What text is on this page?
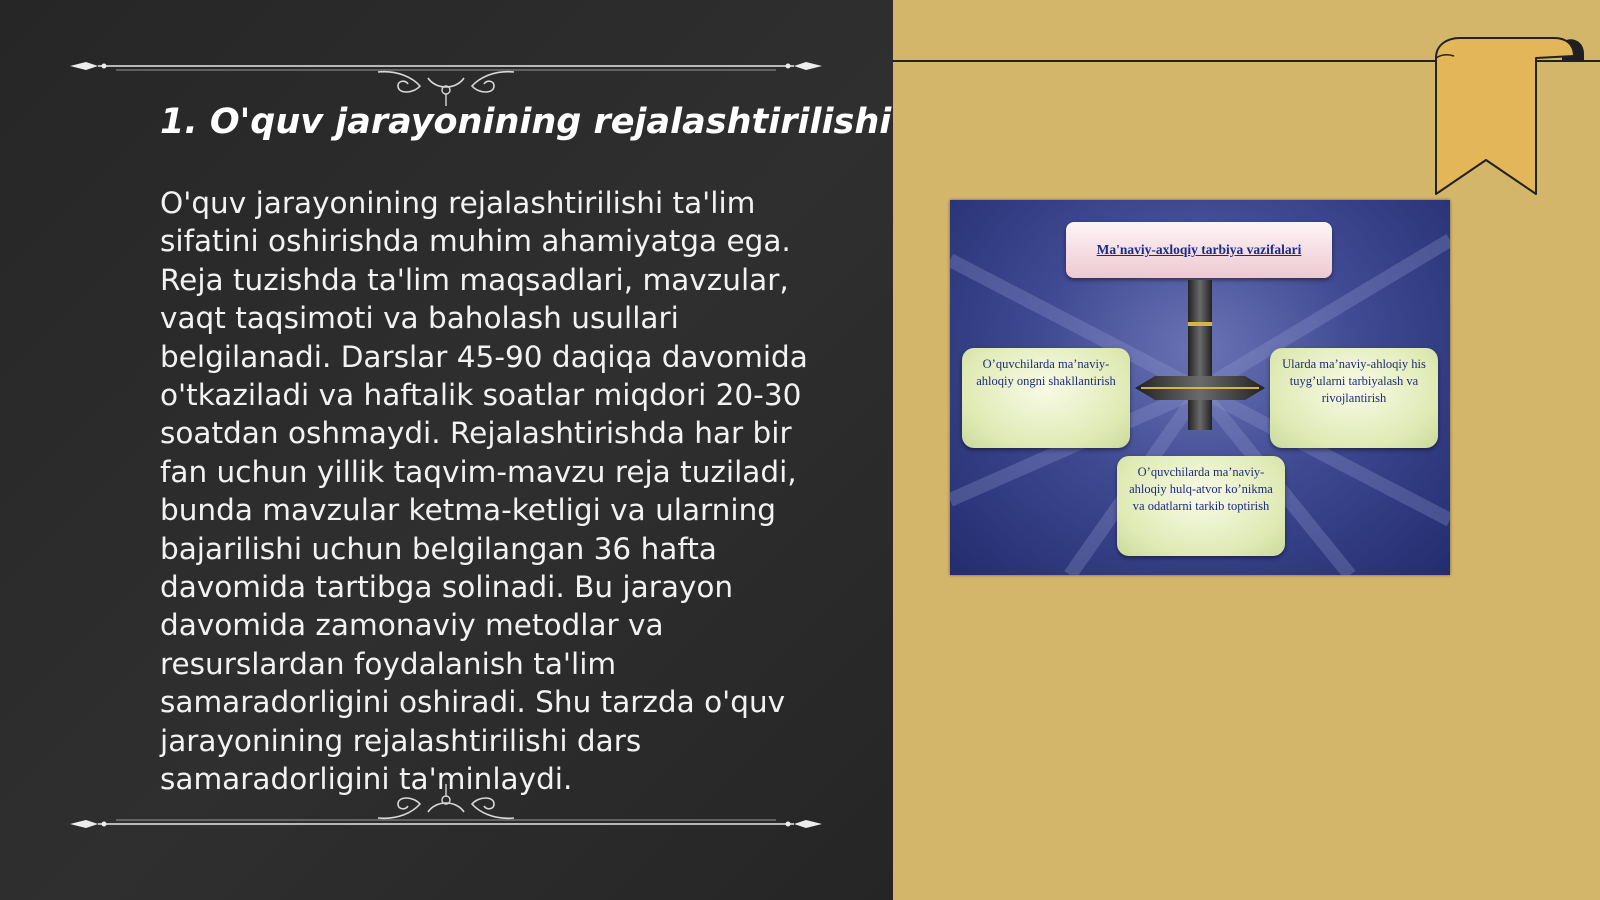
1. O'quv jarayonining rejalashtirilishi

O'quv jarayonining rejalashtirilishi ta'lim sifatini oshirishda muhim ahamiyatga ega. Reja tuzishda ta'lim maqsadlari, mavzular, vaqt taqsimoti va baholash usullari belgilanadi. Darslar 45-90 daqiqa davomida o'tkaziladi va haftalik soatlar miqdori 20-30 soatdan oshmaydi. Rejalashtirishda har bir fan uchun yillik taqvim-mavzu reja tuziladi, bunda mavzular ketma-ketligi va ularning bajarilishi uchun belgilangan 36 hafta davomida tartibga solinadi. Bu jarayon davomida zamonaviy metodlar va resurslardan foydalanish ta'lim samaradorligini oshiradi. Shu tarzda o'quv jarayonining rejalashtirilishi dars samaradorligini ta'minlaydi.

Ma'naviy-axloqiy tarbiya vazifalari
O’quvchilarda ma’naviy-ahloqiy ongni shakllantirish
Ularda ma’naviy-ahloqiy his tuyg’ularni tarbiyalash va rivojlantirish
O’quvchilarda ma’naviy-ahloqiy hulq-atvor ko’nikma va odatlarni tarkib toptirish
